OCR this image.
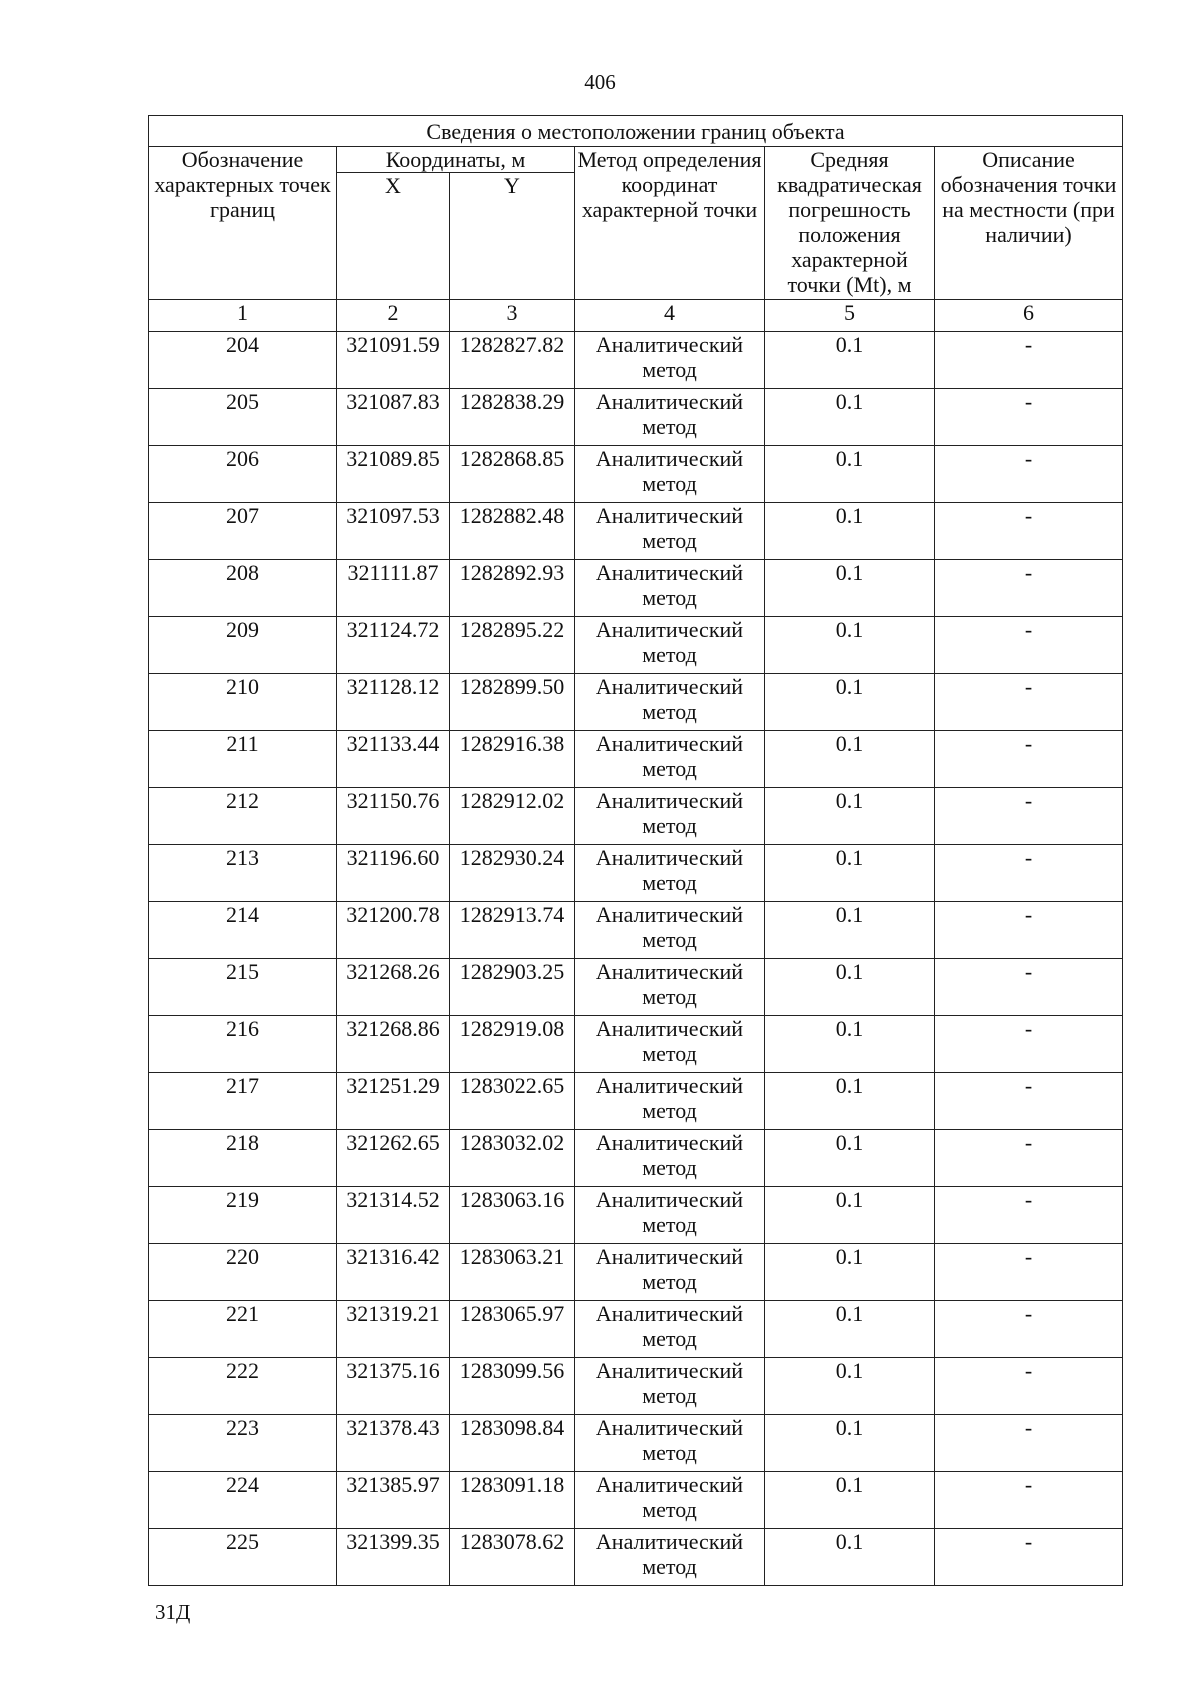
406
Сведения о местоположении границ объекта					
Обозначение характерных точек границ	Координаты, м		Метод определения координат характерной точки	Средняя квадратическая погрешность положения характерной точки (Mt), м	Описание обозначения точки на местности (при наличии)
	X	Y			
1	2	3	4	5	6
204	321091.59	1282827.82	Аналитический метод	0.1	-
205	321087.83	1282838.29	Аналитический метод	0.1	-
206	321089.85	1282868.85	Аналитический метод	0.1	-
207	321097.53	1282882.48	Аналитический метод	0.1	-
208	321111.87	1282892.93	Аналитический метод	0.1	-
209	321124.72	1282895.22	Аналитический метод	0.1	-
210	321128.12	1282899.50	Аналитический метод	0.1	-
211	321133.44	1282916.38	Аналитический метод	0.1	-
212	321150.76	1282912.02	Аналитический метод	0.1	-
213	321196.60	1282930.24	Аналитический метод	0.1	-
214	321200.78	1282913.74	Аналитический метод	0.1	-
215	321268.26	1282903.25	Аналитический метод	0.1	-
216	321268.86	1282919.08	Аналитический метод	0.1	-
217	321251.29	1283022.65	Аналитический метод	0.1	-
218	321262.65	1283032.02	Аналитический метод	0.1	-
219	321314.52	1283063.16	Аналитический метод	0.1	-
220	321316.42	1283063.21	Аналитический метод	0.1	-
221	321319.21	1283065.97	Аналитический метод	0.1	-
222	321375.16	1283099.56	Аналитический метод	0.1	-
223	321378.43	1283098.84	Аналитический метод	0.1	-
224	321385.97	1283091.18	Аналитический метод	0.1	-
225	321399.35	1283078.62	Аналитический метод	0.1	-
31Д
